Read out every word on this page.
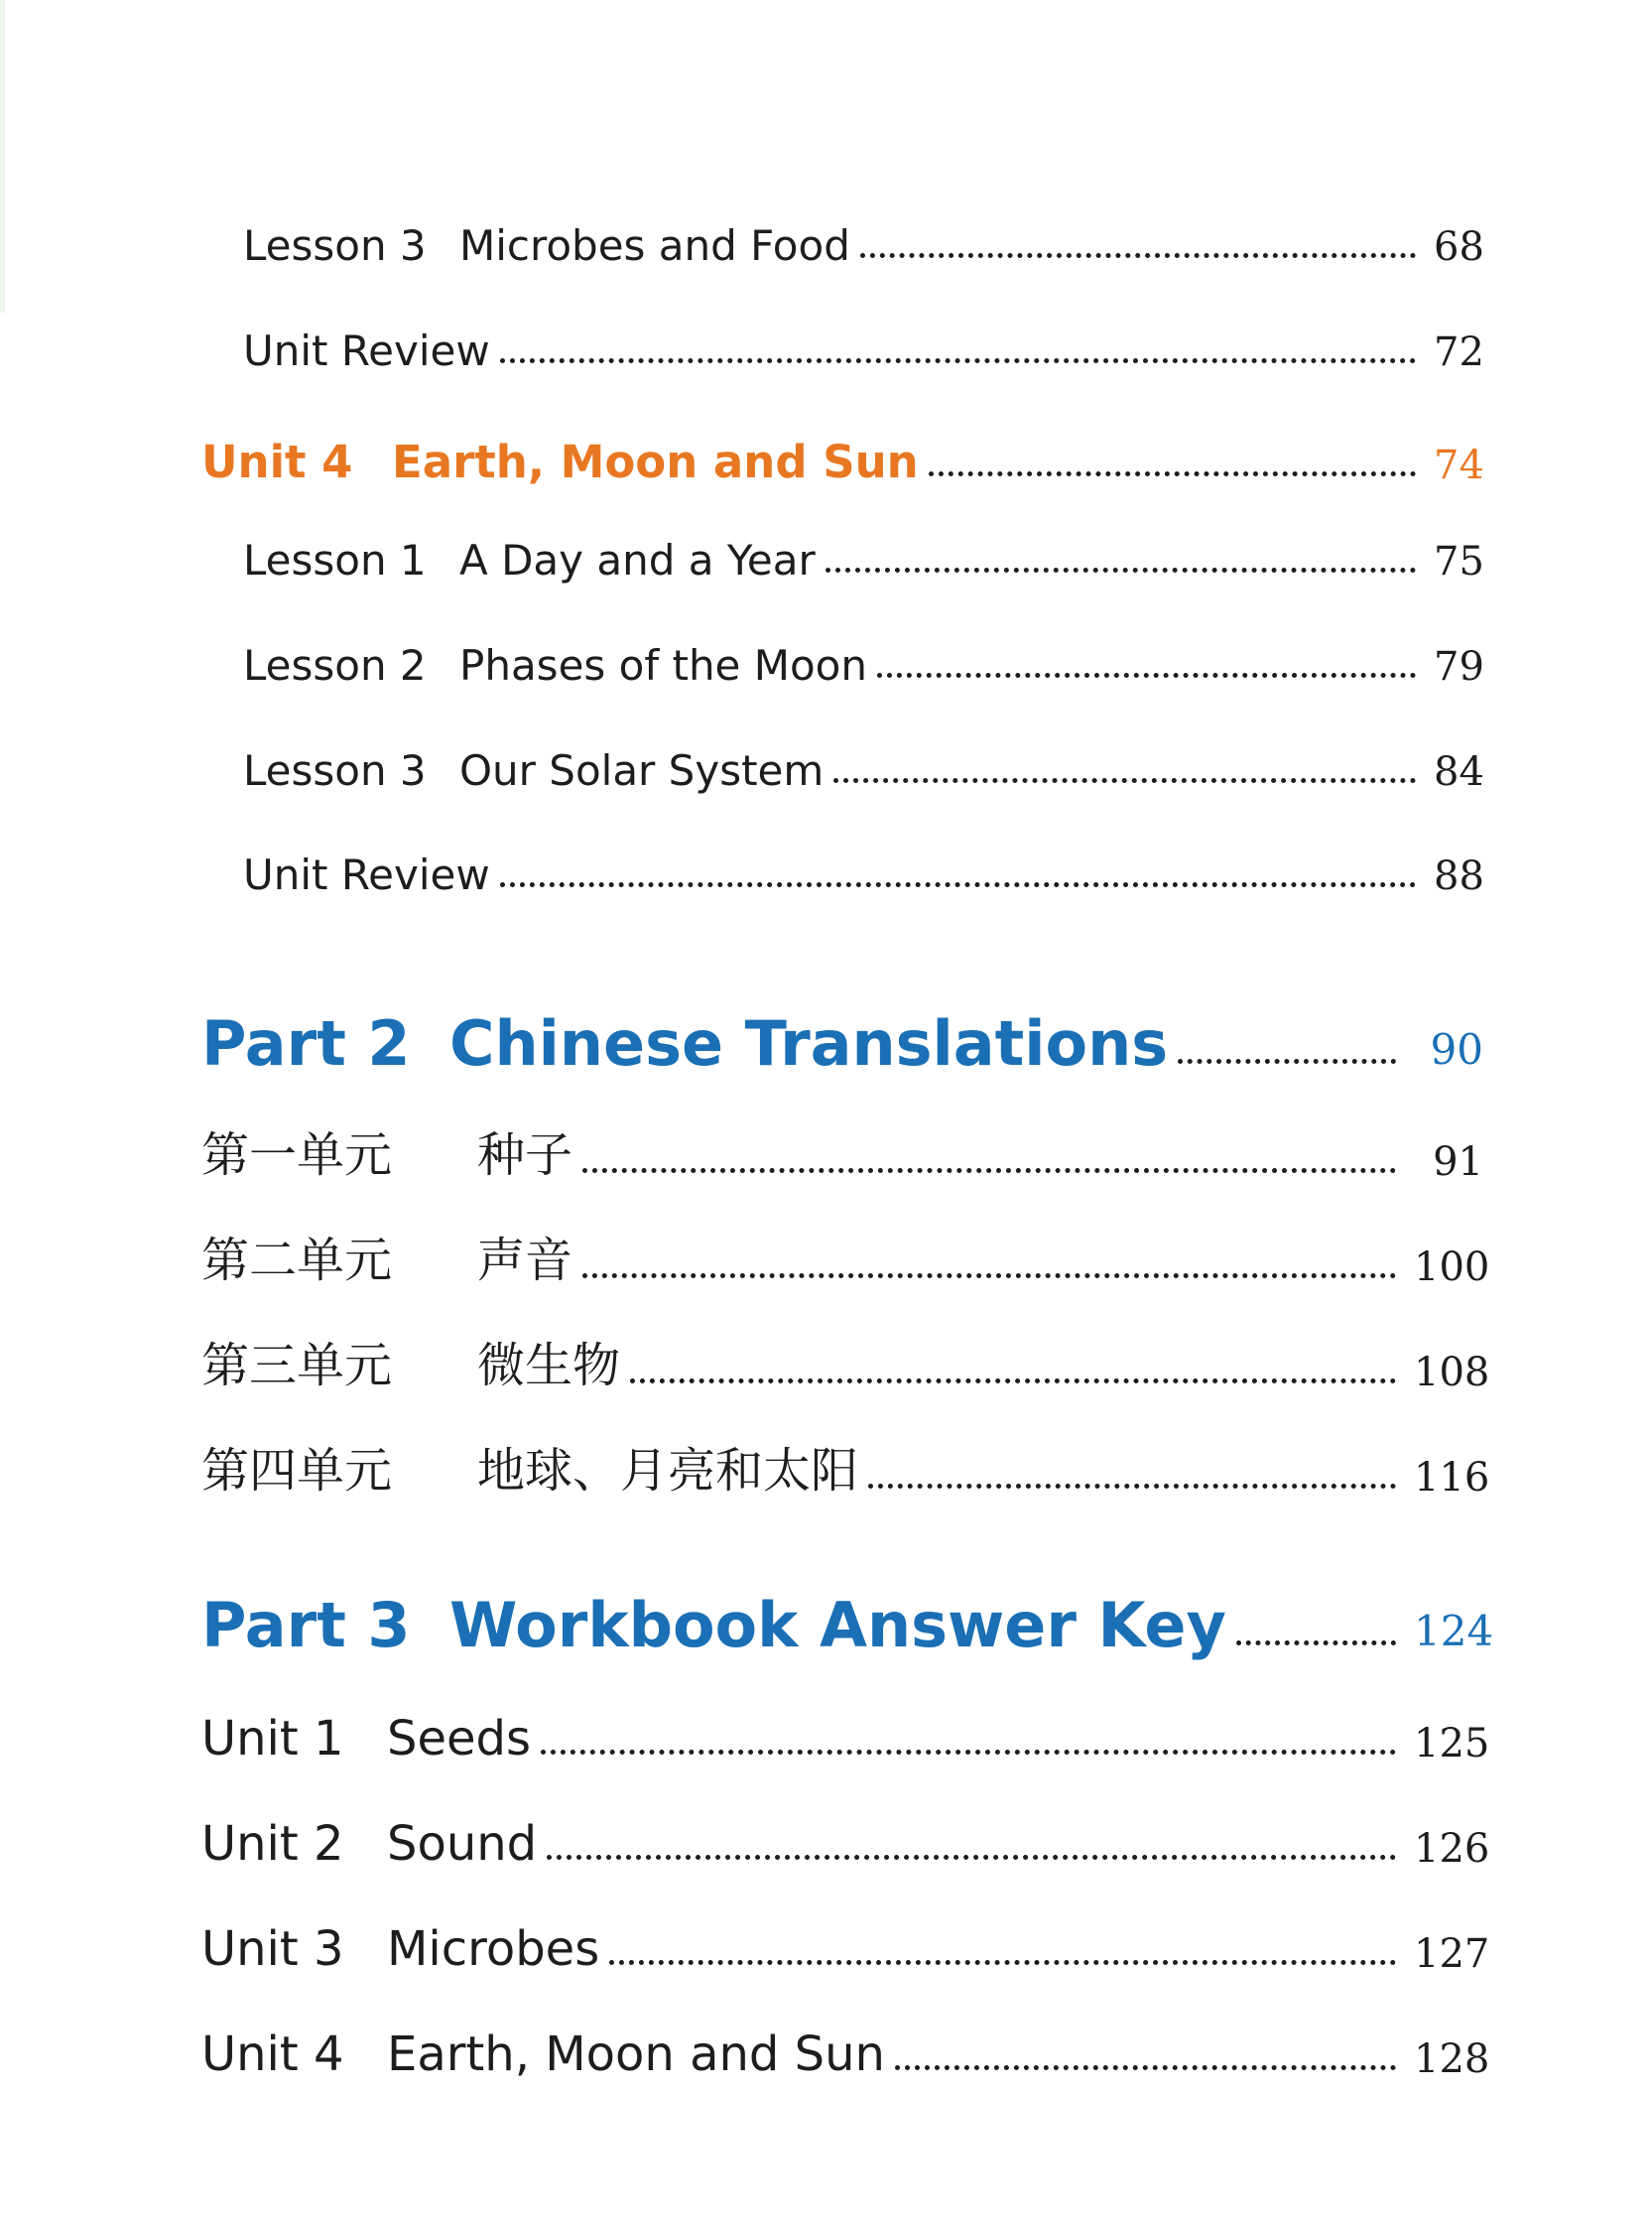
Lesson 3 Microbes and Food	68
Unit Review	72
Unit 4 Earth, Moon and Sun	74
Lesson 1 A Day and a Year	75
Lesson 2 Phases of the Moon	79
Lesson 3 Our Solar System	84
Unit Review	88
Part 2 Chinese Translations	90
第一单元	种子	91
第二单元	声音	100
第三单元	微生物	108
第四单元	地球、月亮和太阳	116
Part 3 Workbook Answer Key	124
Unit 1 Seeds	125
Unit 2 Sound	126
Unit 3 Microbes	127
Unit 4 Earth, Moon and Sun	128
